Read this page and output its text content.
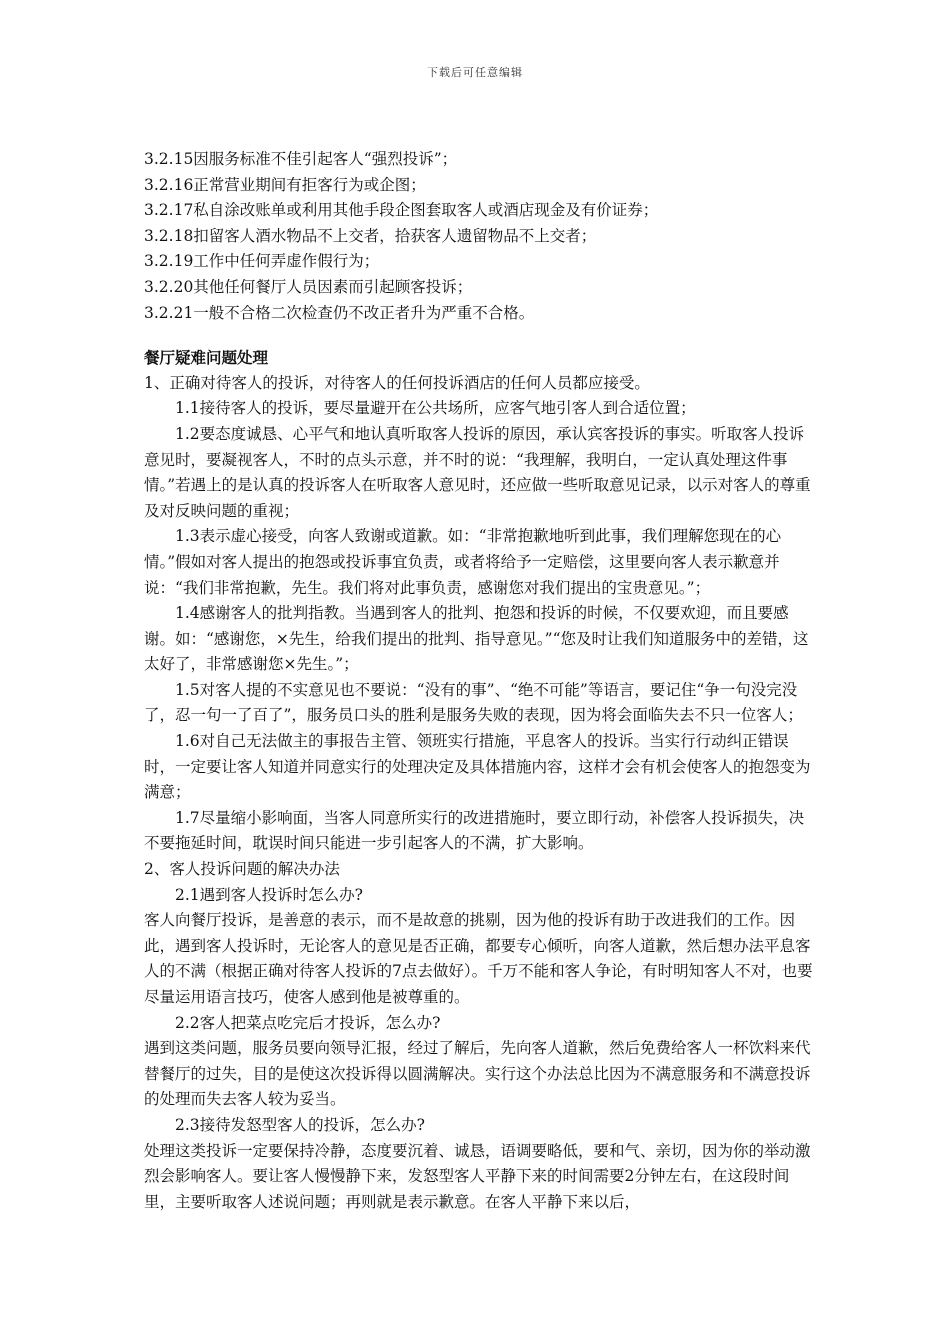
下载后可任意编辑

3.2.15因服务标准不佳引起客人“强烈投诉”；

3.2.16正常营业期间有拒客行为或企图；

3.2.17私自涂改账单或利用其他手段企图套取客人或酒店现金及有价证券；

3.2.18扣留客人酒水物品不上交者，拾获客人遗留物品不上交者；

3.2.19工作中任何弄虚作假行为；

3.2.20其他任何餐厅人员因素而引起顾客投诉；

3.2.21一般不合格二次检查仍不改正者升为严重不合格。

餐厅疑难问题处理

1、正确对待客人的投诉，对待客人的任何投诉酒店的任何人员都应接受。

1.1接待客人的投诉，要尽量避开在公共场所，应客气地引客人到合适位置；

1.2要态度诚恳、心平气和地认真听取客人投诉的原因，承认宾客投诉的事实。听取客人投诉意见时，要凝视客人，不时的点头示意，并不时的说：“我理解，我明白，一定认真处理这件事情。”若遇上的是认真的投诉客人在听取客人意见时，还应做一些听取意见记录，以示对客人的尊重及对反映问题的重视；

1.3表示虚心接受，向客人致谢或道歉。如：“非常抱歉地听到此事，我们理解您现在的心情。”假如对客人提出的抱怨或投诉事宜负责，或者将给予一定赔偿，这里要向客人表示歉意并说：“我们非常抱歉，先生。我们将对此事负责，感谢您对我们提出的宝贵意见。”；

1.4感谢客人的批判指教。当遇到客人的批判、抱怨和投诉的时候，不仅要欢迎，而且要感谢。如：“感谢您，×先生，给我们提出的批判、指导意见。”“您及时让我们知道服务中的差错，这太好了，非常感谢您×先生。”；

1.5对客人提的不实意见也不要说：“没有的事”、“绝不可能”等语言，要记住“争一句没完没了，忍一句一了百了”，服务员口头的胜利是服务失败的表现，因为将会面临失去不只一位客人；

1.6对自己无法做主的事报告主管、领班实行措施，平息客人的投诉。当实行行动纠正错误时，一定要让客人知道并同意实行的处理决定及具体措施内容，这样才会有机会使客人的抱怨变为满意；

1.7尽量缩小影响面，当客人同意所实行的改进措施时，要立即行动，补偿客人投诉损失，决不要拖延时间，耽误时间只能进一步引起客人的不满，扩大影响。

2、客人投诉问题的解决办法

2.1遇到客人投诉时怎么办?

客人向餐厅投诉，是善意的表示，而不是故意的挑剔，因为他的投诉有助于改进我们的工作。因此，遇到客人投诉时，无论客人的意见是否正确，都要专心倾听，向客人道歉，然后想办法平息客人的不满（根据正确对待客人投诉的7点去做好）。千万不能和客人争论，有时明知客人不对，也要尽量运用语言技巧，使客人感到他是被尊重的。

2.2客人把菜点吃完后才投诉，怎么办?

遇到这类问题，服务员要向领导汇报，经过了解后，先向客人道歉，然后免费给客人一杯饮料来代替餐厅的过失，目的是使这次投诉得以圆满解决。实行这个办法总比因为不满意服务和不满意投诉的处理而失去客人较为妥当。

2.3接待发怒型客人的投诉，怎么办?

处理这类投诉一定要保持冷静，态度要沉着、诚恳，语调要略低，要和气、亲切，因为你的举动激烈会影响客人。要让客人慢慢静下来，发怒型客人平静下来的时间需要2分钟左右，在这段时间里，主要听取客人述说问题；再则就是表示歉意。在客人平静下来以后，
